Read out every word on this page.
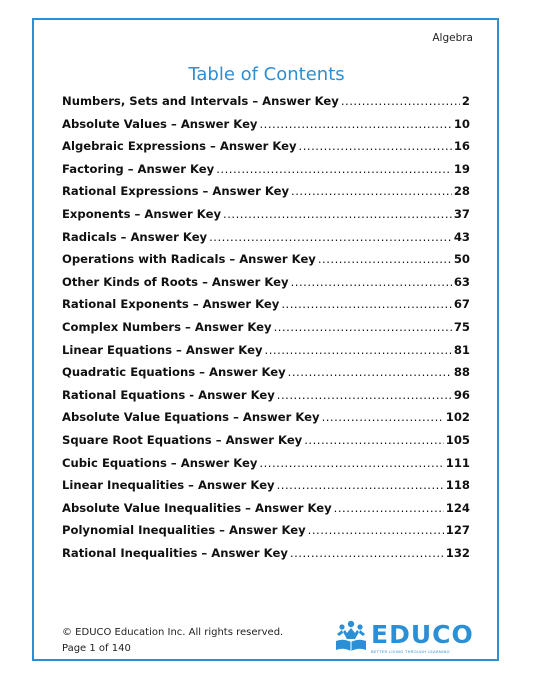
Algebra
Table of Contents
Numbers, Sets and Intervals – Answer Key .....	2
Absolute Values – Answer Key .....	10
Algebraic Expressions – Answer Key .....	16
Factoring – Answer Key .....	19
Rational Expressions – Answer Key .....	28
Exponents – Answer Key .....	37
Radicals – Answer Key .....	43
Operations with Radicals – Answer Key .....	50
Other Kinds of Roots – Answer Key .....	63
Rational Exponents – Answer Key .....	67
Complex Numbers – Answer Key .....	75
Linear Equations – Answer Key .....	81
Quadratic Equations – Answer Key .....	88
Rational Equations - Answer Key .....	96
Absolute Value Equations – Answer Key .....	102
Square Root Equations – Answer Key .....	105
Cubic Equations – Answer Key .....	111
Linear Inequalities – Answer Key .....	118
Absolute Value Inequalities – Answer Key .....	124
Polynomial Inequalities – Answer Key .....	127
Rational Inequalities – Answer Key .....	132
© EDUCO Education Inc. All rights reserved.
Page 1 of 140	EDUCO
BETTER LIVING THROUGH LEARNING
